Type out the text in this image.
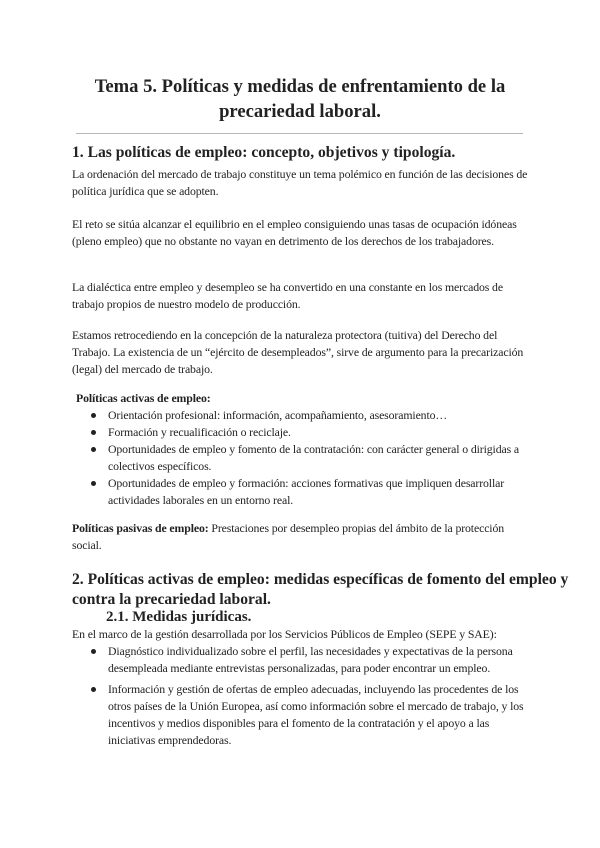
Tema 5. Políticas y medidas de enfrentamiento de la precariedad laboral.
1. Las políticas de empleo: concepto, objetivos y tipología.

La ordenación del mercado de trabajo constituye un tema polémico en función de las decisiones de política jurídica que se adopten.

El reto se sitúa alcanzar el equilibrio en el empleo consiguiendo unas tasas de ocupación idóneas (pleno empleo) que no obstante no vayan en detrimento de los derechos de los trabajadores.

La dialéctica entre empleo y desempleo se ha convertido en una constante en los mercados de trabajo propios de nuestro modelo de producción.

Estamos retrocediendo en la concepción de la naturaleza protectora (tuitiva) del Derecho del Trabajo. La existencia de un “ejército de desempleados”, sirve de argumento para la precarización (legal) del mercado de trabajo.

Políticas activas de empleo:

Orientación profesional: información, acompañamiento, asesoramiento…
Formación y recualificación o reciclaje.
Oportunidades de empleo y fomento de la contratación: con carácter general o dirigidas a colectivos específicos.
Oportunidades de empleo y formación: acciones formativas que impliquen desarrollar actividades laborales en un entorno real.

Políticas pasivas de empleo: Prestaciones por desempleo propias del ámbito de la protección social.

2. Políticas activas de empleo: medidas específicas de fomento del empleo y contra la precariedad laboral.
2.1. Medidas jurídicas.

En el marco de la gestión desarrollada por los Servicios Públicos de Empleo (SEPE y SAE):

Diagnóstico individualizado sobre el perfil, las necesidades y expectativas de la persona desempleada mediante entrevistas personalizadas, para poder encontrar un empleo.
Información y gestión de ofertas de empleo adecuadas, incluyendo las procedentes de los otros países de la Unión Europea, así como información sobre el mercado de trabajo, y los incentivos y medios disponibles para el fomento de la contratación y el apoyo a las iniciativas emprendedoras.
